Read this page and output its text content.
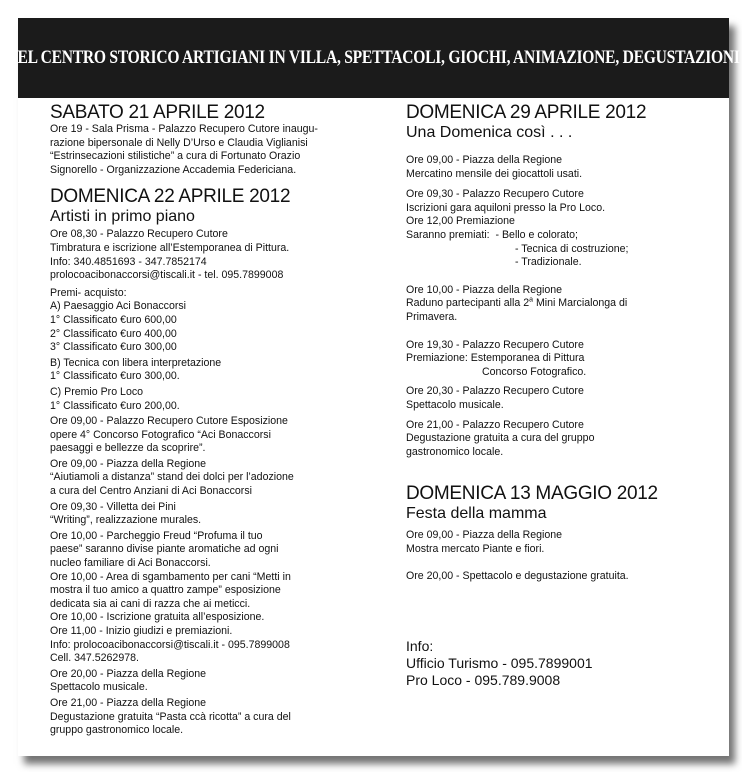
NEL CENTRO STORICO ARTIGIANI IN VILLA, SPETTACOLI, GIOCHI, ANIMAZIONE, DEGUSTAZIONI
SABATO 21 APRILE 2012
Ore 19 - Sala Prisma - Palazzo Recupero Cutore inaugu-
razione bipersonale di Nelly D’Urso e Claudia Viglianisi
“Estrinsecazioni stilistiche” a cura di Fortunato Orazio
Signorello - Organizzazione Accademia Federiciana.
DOMENICA 22 APRILE 2012
Artisti in primo piano
Ore 08,30 - Palazzo Recupero Cutore
Timbratura e iscrizione all’Estemporanea di Pittura.
Info: 340.4851693 - 347.7852174
prolocoacibonaccorsi@tiscali.it - tel. 095.7899008
Premi- acquisto:
A) Paesaggio Aci Bonaccorsi
1° Classificato €uro 600,00
2° Classificato €uro 400,00
3° Classificato €uro 300,00
B) Tecnica con libera interpretazione
1° Classificato €uro 300,00.
C) Premio Pro Loco
1° Classificato €uro 200,00.
Ore 09,00 - Palazzo Recupero Cutore Esposizione
opere 4° Concorso Fotografico “Aci Bonaccorsi
paesaggi e bellezze da scoprire”.
Ore 09,00 - Piazza della Regione
“Aiutiamoli a distanza” stand dei dolci per l’adozione
a cura del Centro Anziani di Aci Bonaccorsi
Ore 09,30 - Villetta dei Pini
“Writing”, realizzazione murales.
Ore 10,00 - Parcheggio Freud “Profuma il tuo
paese” saranno divise piante aromatiche ad ogni
nucleo familiare di Aci Bonaccorsi.
Ore 10,00 - Area di sgambamento per cani “Metti in
mostra il tuo amico a quattro zampe” esposizione
dedicata sia ai cani di razza che ai meticci.
Ore 10,00 - Iscrizione gratuita all’esposizione.
Ore 11,00 - Inizio giudizi e premiazioni.
Info: prolocoacibonaccorsi@tiscali.it - 095.7899008
Cell. 347.5262978.
Ore 20,00 - Piazza della Regione
Spettacolo musicale.
Ore 21,00 - Piazza della Regione
Degustazione gratuita “Pasta ccà ricotta” a cura del
gruppo gastronomico locale.
DOMENICA 29 APRILE 2012
Una Domenica così . . .
Ore 09,00 - Piazza della Regione
Mercatino mensile dei giocattoli usati.
Ore 09,30 - Palazzo Recupero Cutore
Iscrizioni gara aquiloni presso la Pro Loco.
Ore 12,00 Premiazione
Saranno premiati: - Bello e colorato;
- Tecnica di costruzione;
- Tradizionale.
Ore 10,00 - Piazza della Regione
Raduno partecipanti alla 2$^a$ Mini Marcialonga di
Primavera.
Ore 19,30 - Palazzo Recupero Cutore
Premiazione: Estemporanea di Pittura
Concorso Fotografico.
Ore 20,30 - Palazzo Recupero Cutore
Spettacolo musicale.
Ore 21,00 - Palazzo Recupero Cutore
Degustazione gratuita a cura del gruppo
gastronomico locale.
DOMENICA 13 MAGGIO 2012
Festa della mamma
Ore 09,00 - Piazza della Regione
Mostra mercato Piante e fiori.
Ore 20,00 - Spettacolo e degustazione gratuita.
Info:
Ufficio Turismo - 095.7899001
Pro Loco - 095.789.9008
